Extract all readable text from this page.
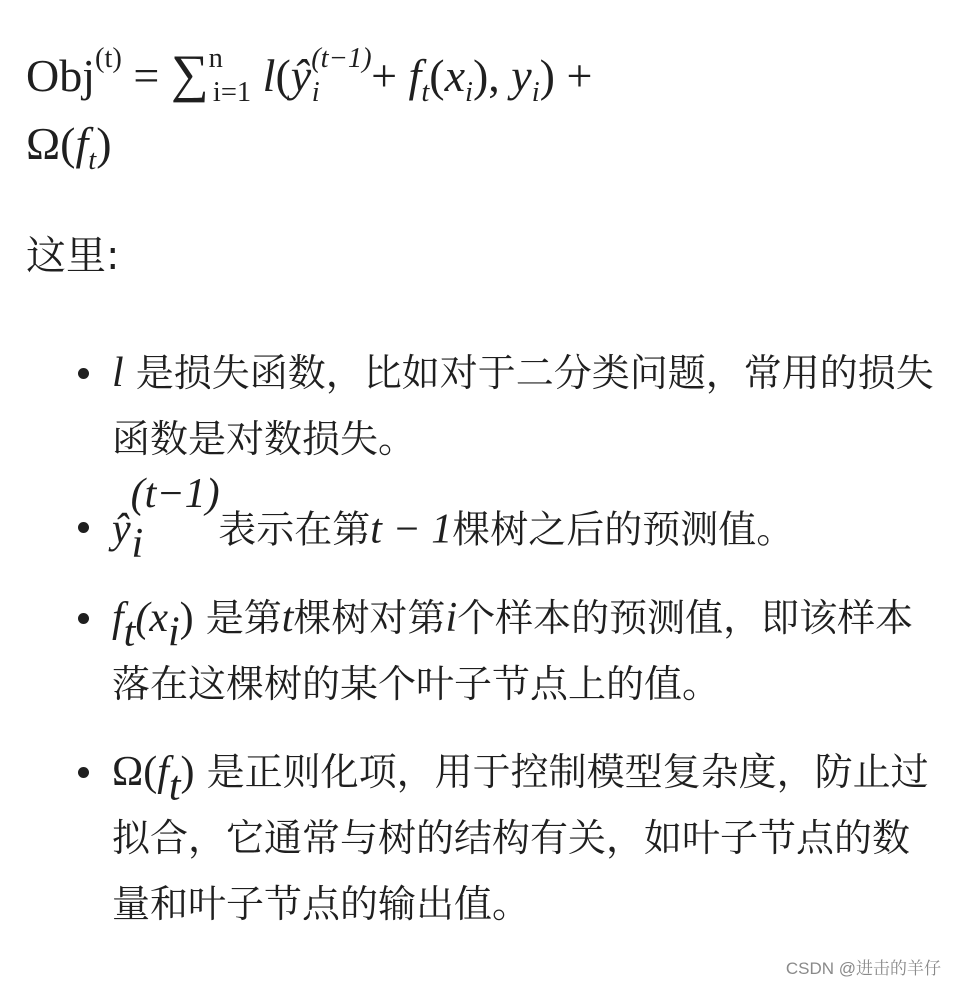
Obj$^{(t)}$ = ∑$^n_{i=1}$ $l(ŷ^{(t-1)}_i + f_t(x_i)$, $y_i$) +
$\Omega(f_t)$
这里:
l 是损失函数，比如对于二分类问题，常用的损失函数是对数损失。
$ŷ^{(t-1)}_i$ 表示在第t − 1棵树之后的预测值。
$f_t(x_i)$ 是第t棵树对第i个样本的预测值，即该样本落在这棵树的某个叶子节点上的值。
$\Omega(f_t)$ 是正则化项，用于控制模型复杂度，防止过拟合，它通常与树的结构有关，如叶子节点的数量和叶子节点的输出值。
CSDN @进击的羊仔
